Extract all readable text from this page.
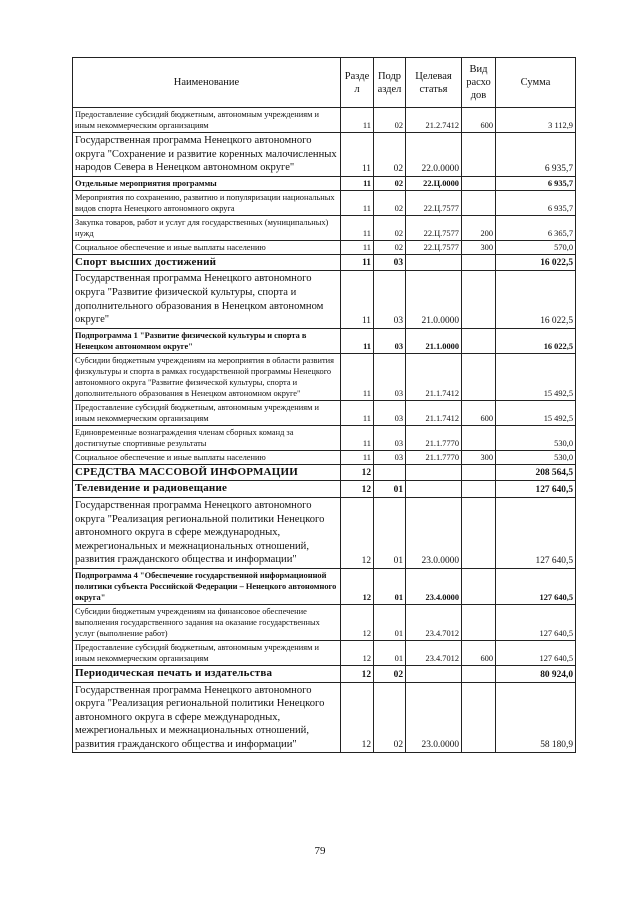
Наименование	Разде л	Подр аздел	Целевая статья	Вид расхо дов	Сумма
Предоставление субсидий бюджетным, автономным учреждениям и иным некоммерческим организациям	11	02	21.2.7412	600	3 112,9
Государственная программа Ненецкого автономного округа "Сохранение и развитие коренных малочисленных народов Севера в Ненецком автономном округе"	11	02	22.0.0000		6 935,7
Отдельные мероприятия программы	11	02	22.Ц.0000		6 935,7
Мероприятия по сохранению, развитию и популяризации национальных видов спорта Ненецкого автономного округа	11	02	22.Ц.7577		6 935,7
Закупка товаров, работ и услуг для государственных (муниципальных) нужд	11	02	22.Ц.7577	200	6 365,7
Социальное обеспечение и иные выплаты населению	11	02	22.Ц.7577	300	570,0
Спорт высших достижений	11	03			16 022,5
Государственная программа Ненецкого автономного округа "Развитие физической культуры, спорта и дополнительного образования в Ненецком автономном округе"	11	03	21.0.0000		16 022,5
Подпрограмма 1 "Развитие физической культуры и спорта в Ненецком автономном округе"	11	03	21.1.0000		16 022,5
Субсидии бюджетным учреждениям на мероприятия в области развития физкультуры и спорта в рамках государственной программы Ненецкого автономного округа "Развитие физической культуры, спорта и дополнительного образования в Ненецком автономном округе"	11	03	21.1.7412		15 492,5
Предоставление субсидий бюджетным, автономным учреждениям и иным некоммерческим организациям	11	03	21.1.7412	600	15 492,5
Единовременные вознаграждения членам сборных команд за достигнутые спортивные результаты	11	03	21.1.7770		530,0
Социальное обеспечение и иные выплаты населению	11	03	21.1.7770	300	530,0
СРЕДСТВА МАССОВОЙ ИНФОРМАЦИИ	12				208 564,5
Телевидение и радиовещание	12	01			127 640,5
Государственная программа Ненецкого автономного округа "Реализация региональной политики Ненецкого автономного округа в сфере международных, межрегиональных и межнациональных отношений, развития гражданского общества и информации"	12	01	23.0.0000		127 640,5
Подпрограмма 4 "Обеспечение государственной информационной политики субъекта Российской Федерации – Ненецкого автономного округа"	12	01	23.4.0000		127 640,5
Субсидии бюджетным учреждениям на финансовое обеспечение выполнения государственного задания на оказание государственных услуг (выполнение работ)	12	01	23.4.7012		127 640,5
Предоставление субсидий бюджетным, автономным учреждениям и иным некоммерческим организациям	12	01	23.4.7012	600	127 640,5
Периодическая печать и издательства	12	02			80 924,0
Государственная программа Ненецкого автономного округа "Реализация региональной политики Ненецкого автономного округа в сфере международных, межрегиональных и межнациональных отношений, развития гражданского общества и информации"	12	02	23.0.0000		58 180,9
79
